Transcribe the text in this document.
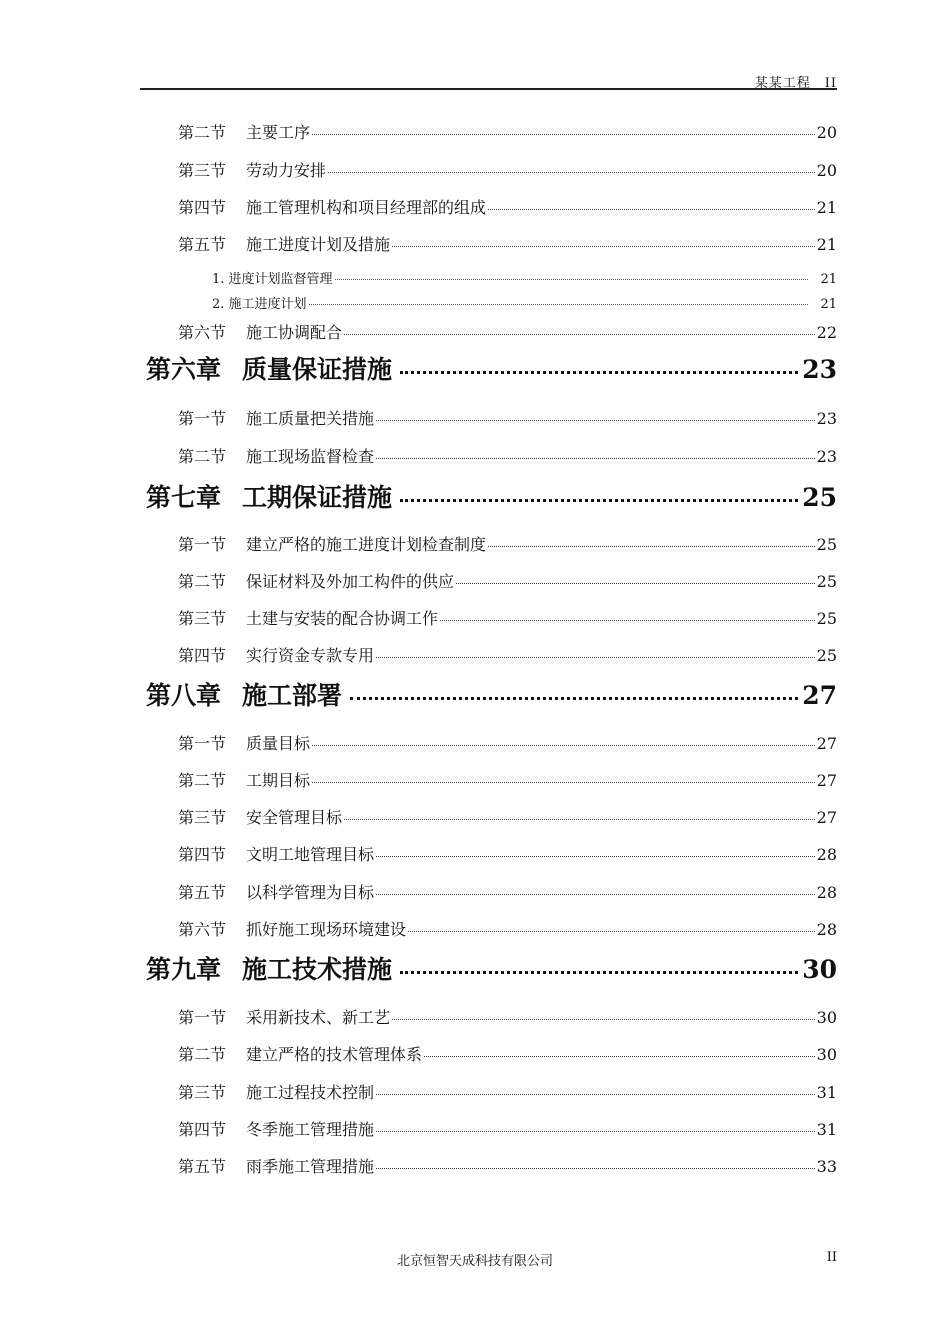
某某工程　II
第二节 主要工序	20
第三节 劳动力安排	20
第四节 施工管理机构和项目经理部的组成	21
第五节 施工进度计划及措施	21
1. 进度计划监督管理	21
2. 施工进度计划	21
第六节 施工协调配合	22
第六章 质量保证措施	23
第一节 施工质量把关措施	23
第二节 施工现场监督检查	23
第七章 工期保证措施	25
第一节 建立严格的施工进度计划检查制度	25
第二节 保证材料及外加工构件的供应	25
第三节 土建与安装的配合协调工作	25
第四节 实行资金专款专用	25
第八章 施工部署	27
第一节 质量目标	27
第二节 工期目标	27
第三节 安全管理目标	27
第四节 文明工地管理目标	28
第五节 以科学管理为目标	28
第六节 抓好施工现场环境建设	28
第九章 施工技术措施	30
第一节 采用新技术、新工艺	30
第二节 建立严格的技术管理体系	30
第三节 施工过程技术控制	31
第四节 冬季施工管理措施	31
第五节 雨季施工管理措施	33
北京恒智天成科技有限公司	II
